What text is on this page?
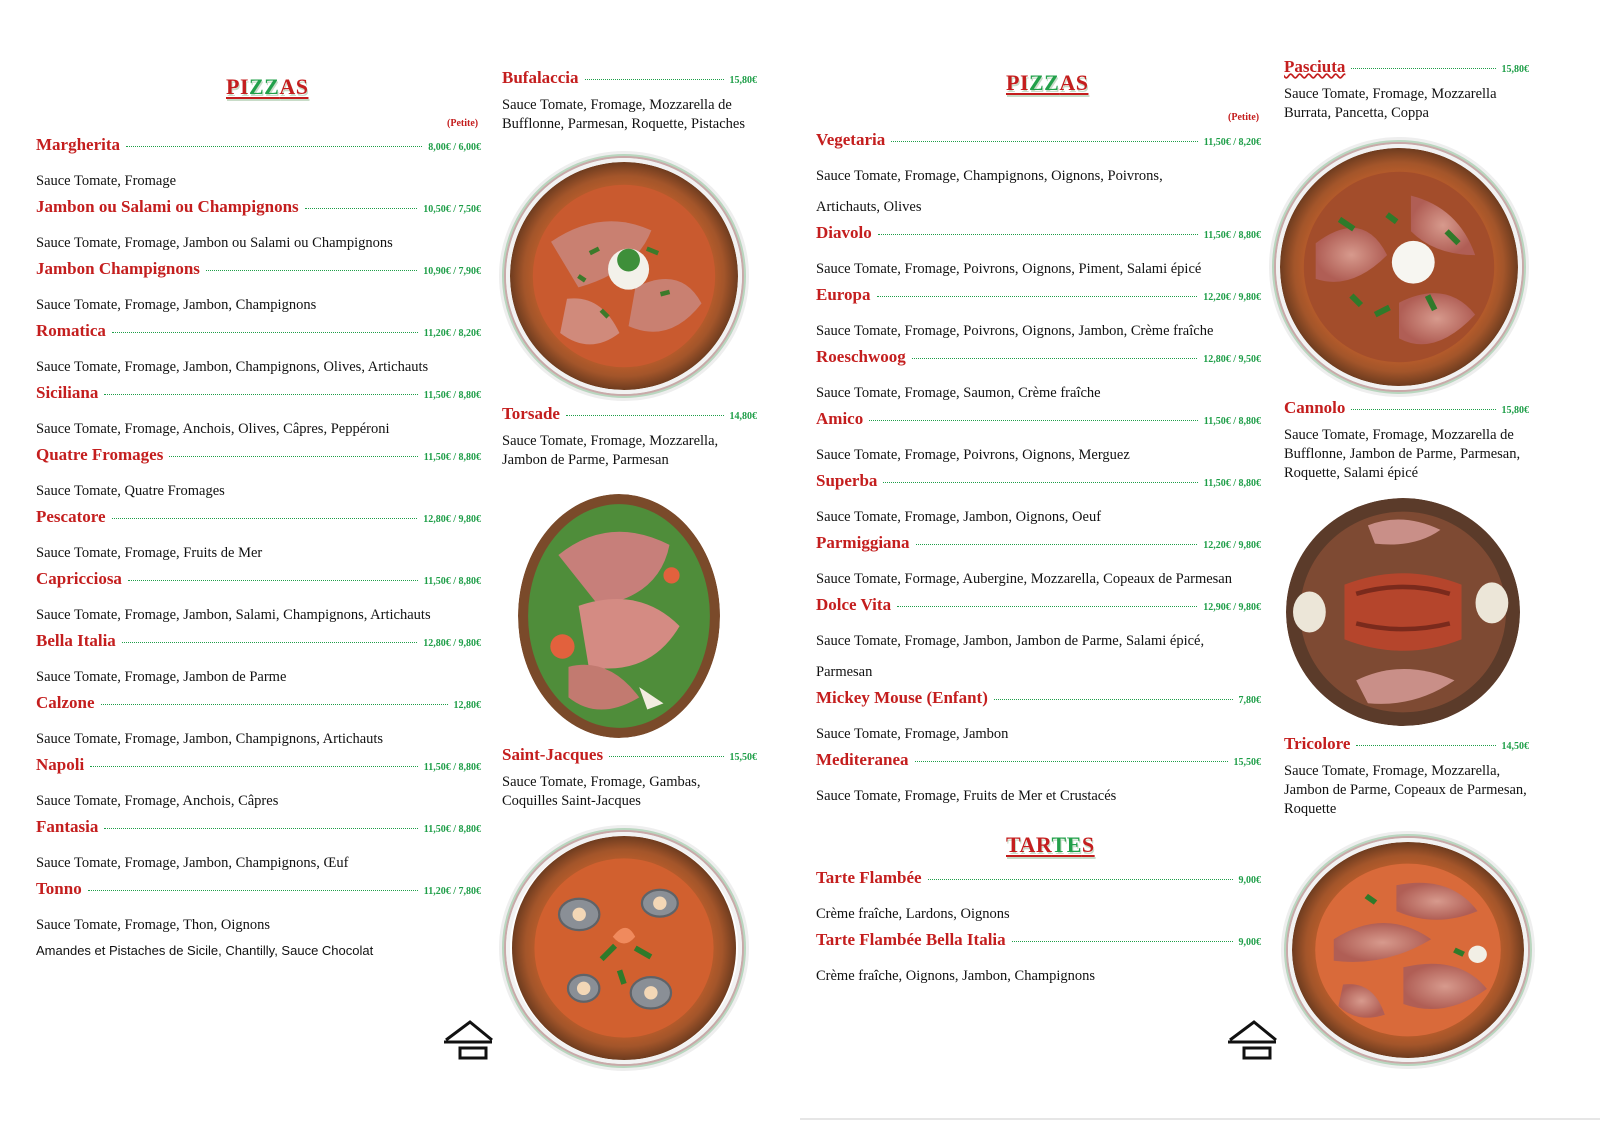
PIZZAS
(Petite)
Margherita	8,00€ / 6,00€
Sauce Tomate, Fromage
Jambon ou Salami ou Champignons	10,50€ / 7,50€
Sauce Tomate, Fromage, Jambon ou Salami ou Champignons
Jambon Champignons	10,90€ / 7,90€
Sauce Tomate, Fromage, Jambon, Champignons
Romatica	11,20€ / 8,20€
Sauce Tomate, Fromage, Jambon, Champignons, Olives, Artichauts
Siciliana	11,50€ / 8,80€
Sauce Tomate, Fromage, Anchois, Olives, Câpres, Peppéroni
Quatre Fromages	11,50€ / 8,80€
Sauce Tomate, Quatre Fromages
Pescatore	12,80€ / 9,80€
Sauce Tomate, Fromage, Fruits de Mer
Capricciosa	11,50€ / 8,80€
Sauce Tomate, Fromage, Jambon, Salami, Champignons, Artichauts
Bella Italia	12,80€ / 9,80€
Sauce Tomate, Fromage, Jambon de Parme
Calzone	12,80€
Sauce Tomate, Fromage, Jambon, Champignons, Artichauts
Napoli	11,50€ / 8,80€
Sauce Tomate, Fromage, Anchois, Câpres
Fantasia	11,50€ / 8,80€
Sauce Tomate, Fromage, Jambon, Champignons, Œuf
Tonno	11,20€ / 7,80€
Sauce Tomate, Fromage, Thon, Oignons
Amandes et Pistaches de Sicile, Chantilly, Sauce Chocolat
Bufalaccia	15,80€
Sauce Tomate, Fromage, Mozzarella de Bufflonne, Parmesan, Roquette, Pistaches
Torsade	14,80€
Sauce Tomate, Fromage, Mozzarella, Jambon de Parme, Parmesan
Saint-Jacques	15,50€
Sauce Tomate, Fromage, Gambas, Coquilles Saint-Jacques
PIZZAS
(Petite)
Vegetaria	11,50€ / 8,20€
Sauce Tomate, Fromage, Champignons, Oignons, Poivrons,
Artichauts, Olives
Diavolo	11,50€ / 8,80€
Sauce Tomate, Fromage, Poivrons, Oignons, Piment, Salami épicé
Europa	12,20€ / 9,80€
Sauce Tomate, Fromage, Poivrons, Oignons, Jambon, Crème fraîche
Roeschwoog	12,80€ / 9,50€
Sauce Tomate, Fromage, Saumon, Crème fraîche
Amico	11,50€ / 8,80€
Sauce Tomate, Fromage, Poivrons, Oignons, Merguez
Superba	11,50€ / 8,80€
Sauce Tomate, Fromage, Jambon, Oignons, Oeuf
Parmiggiana	12,20€ / 9,80€
Sauce Tomate, Formage, Aubergine, Mozzarella, Copeaux de Parmesan
Dolce Vita	12,90€ / 9,80€
Sauce Tomate, Fromage, Jambon, Jambon de Parme, Salami épicé,
Parmesan
Mickey Mouse (Enfant)	7,80€
Sauce Tomate, Fromage, Jambon
Mediteranea	15,50€
Sauce Tomate, Fromage, Fruits de Mer et Crustacés
TARTES
Tarte Flambée	9,00€
Crème fraîche, Lardons, Oignons
Tarte Flambée Bella Italia	9,00€
Crème fraîche, Oignons, Jambon, Champignons
Pasciuta	15,80€
Sauce Tomate, Fromage, Mozzarella Burrata, Pancetta, Coppa
Cannolo	15,80€
Sauce Tomate, Fromage, Mozzarella de Bufflonne, Jambon de Parme, Parmesan, Roquette, Salami épicé
Tricolore	14,50€
Sauce Tomate, Fromage, Mozzarella, Jambon de Parme, Copeaux de Parmesan, Roquette
